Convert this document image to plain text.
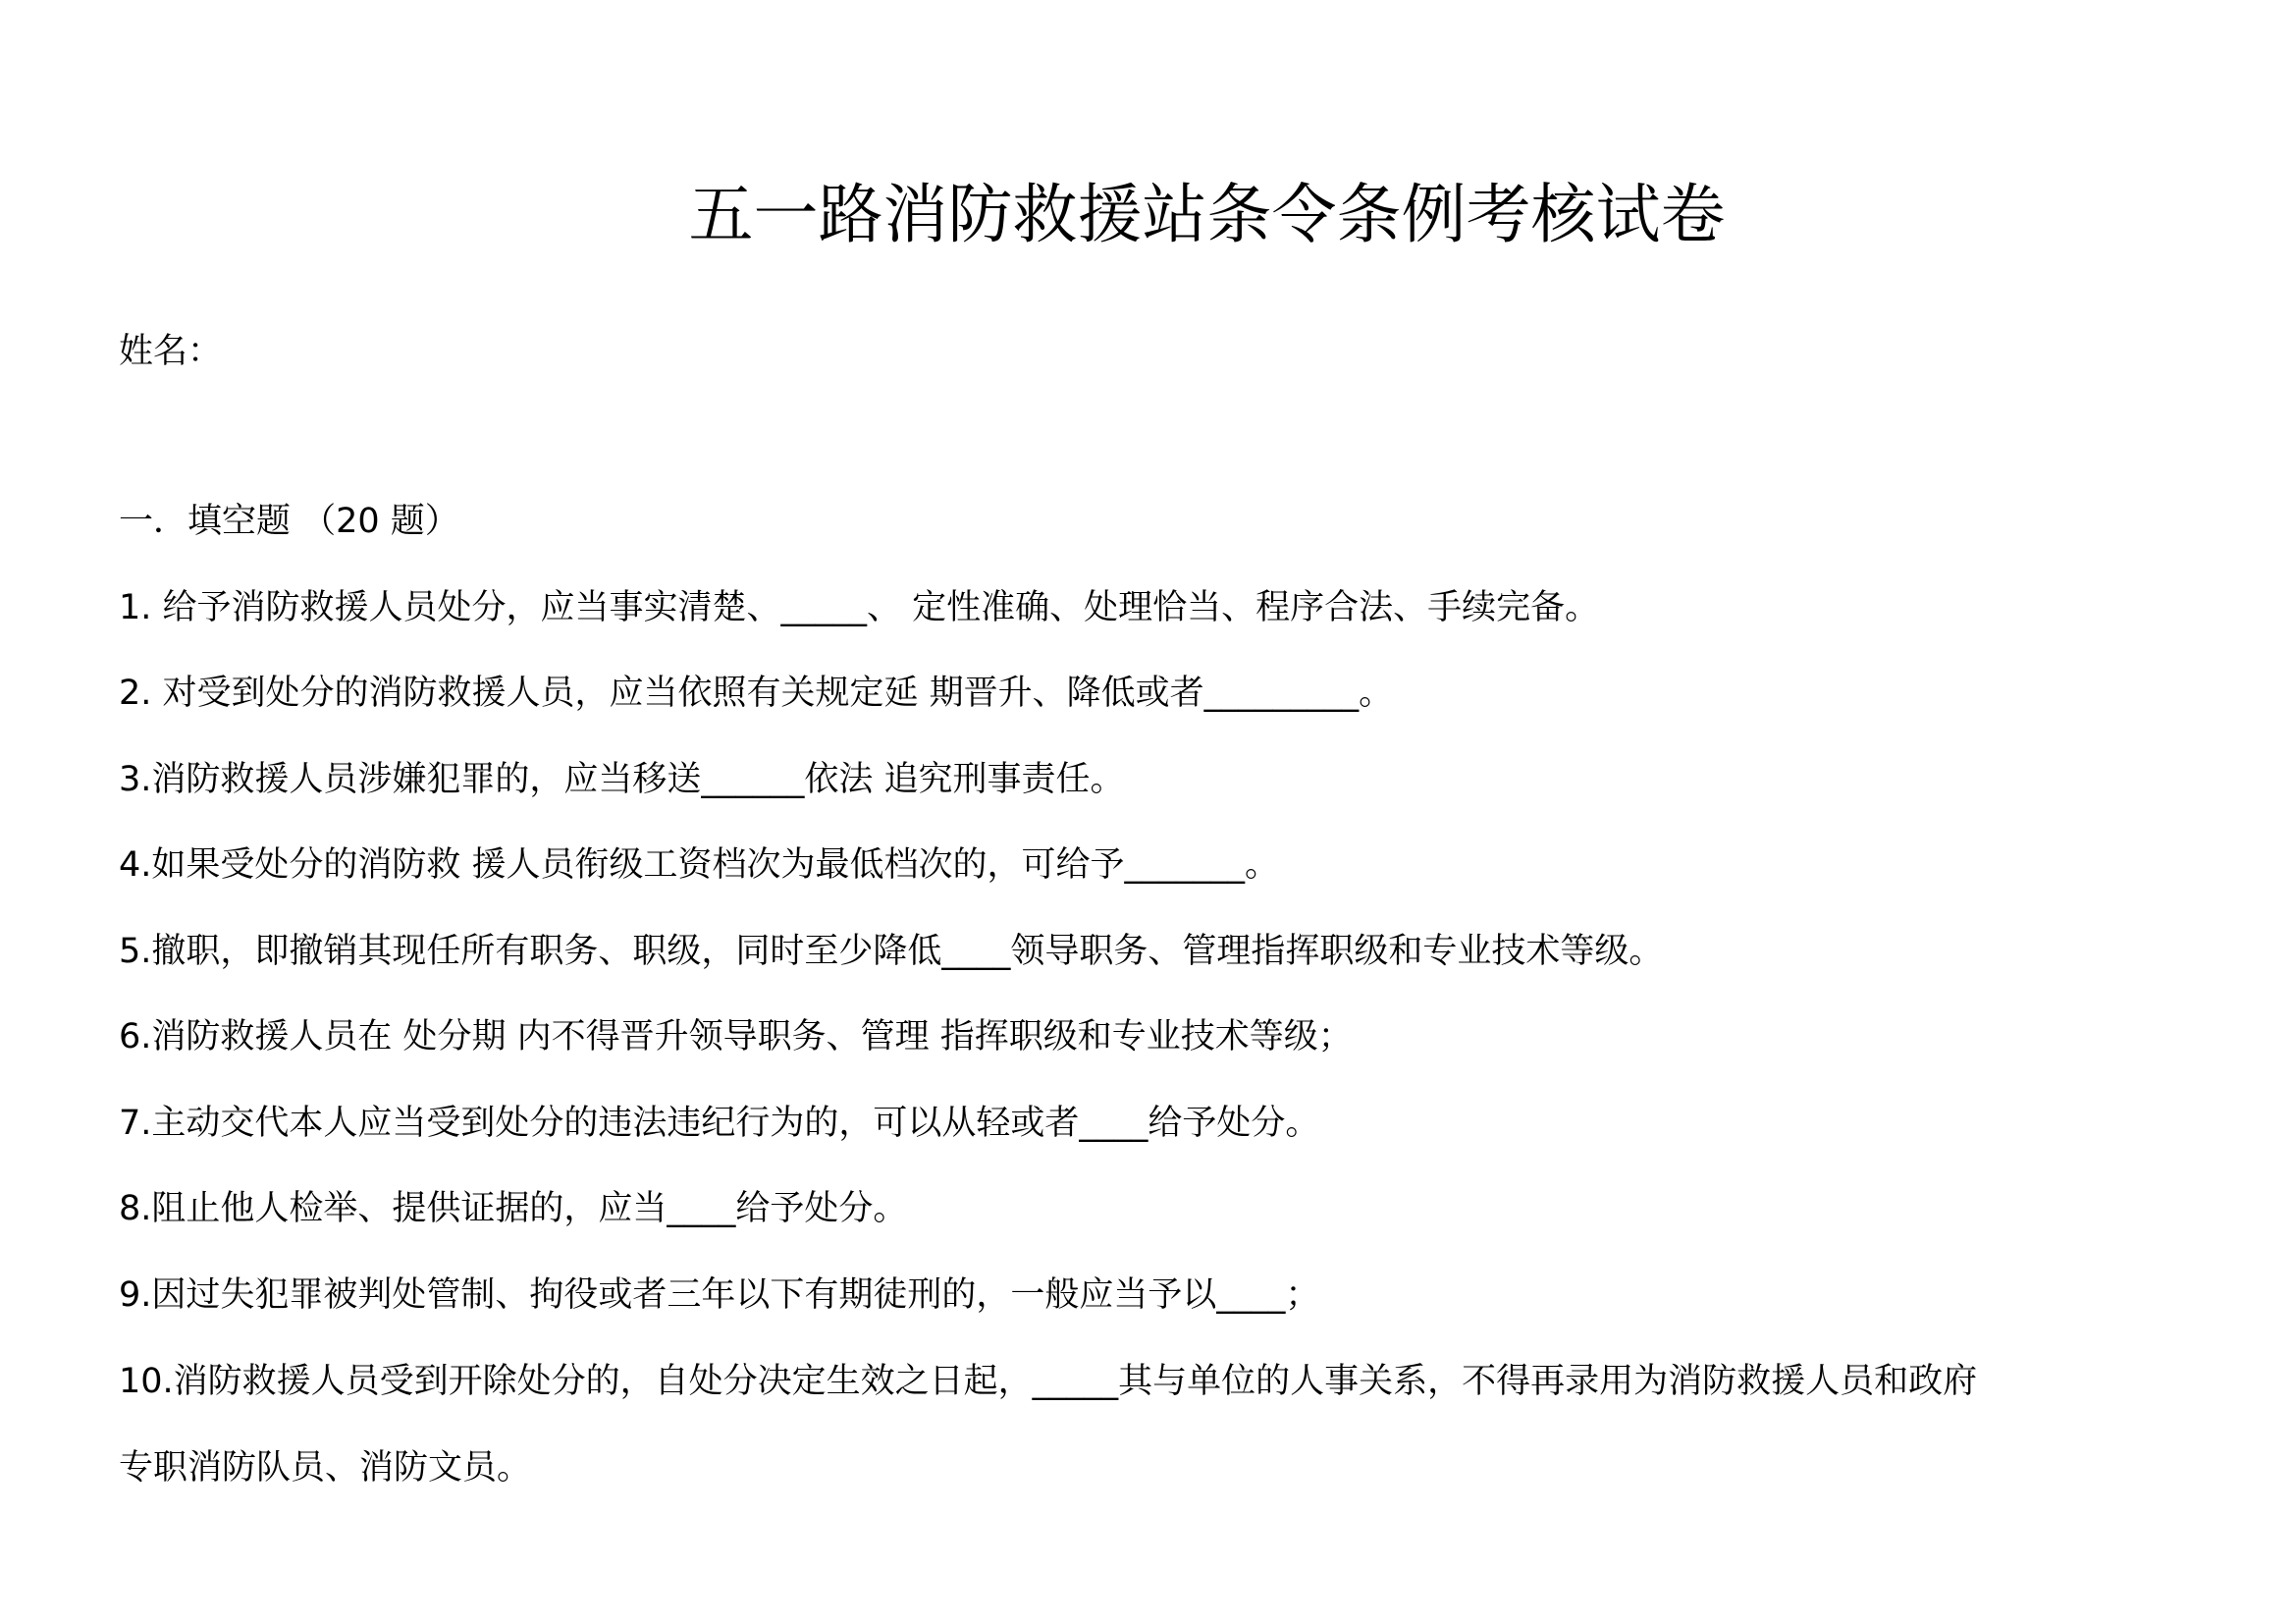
五一路消防救援站条令条例考核试卷
姓名：
一．填空题 （20 题）
1. 给予消防救援人员处分，应当事实清楚、_____、 定性准确、处理恰当、程序合法、手续完备。
2. 对受到处分的消防救援人员，应当依照有关规定延 期晋升、降低或者_________。
3.消防救援人员涉嫌犯罪的，应当移送______依法 追究刑事责任。
4.如果受处分的消防救 援人员衔级工资档次为最低档次的，可给予_______。
5.撤职，即撤销其现任所有职务、职级，同时至少降低____领导职务、管理指挥职级和专业技术等级。
6.消防救援人员在 处分期 内不得晋升领导职务、管理 指挥职级和专业技术等级；
7.主动交代本人应当受到处分的违法违纪行为的，可以从轻或者____给予处分。
8.阻止他人检举、提供证据的，应当____给予处分。
9.因过失犯罪被判处管制、拘役或者三年以下有期徒刑的，一般应当予以____；
10.消防救援人员受到开除处分的，自处分决定生效之日起，_____其与单位的人事关系，不得再录用为消防救援人员和政府
专职消防队员、消防文员。
